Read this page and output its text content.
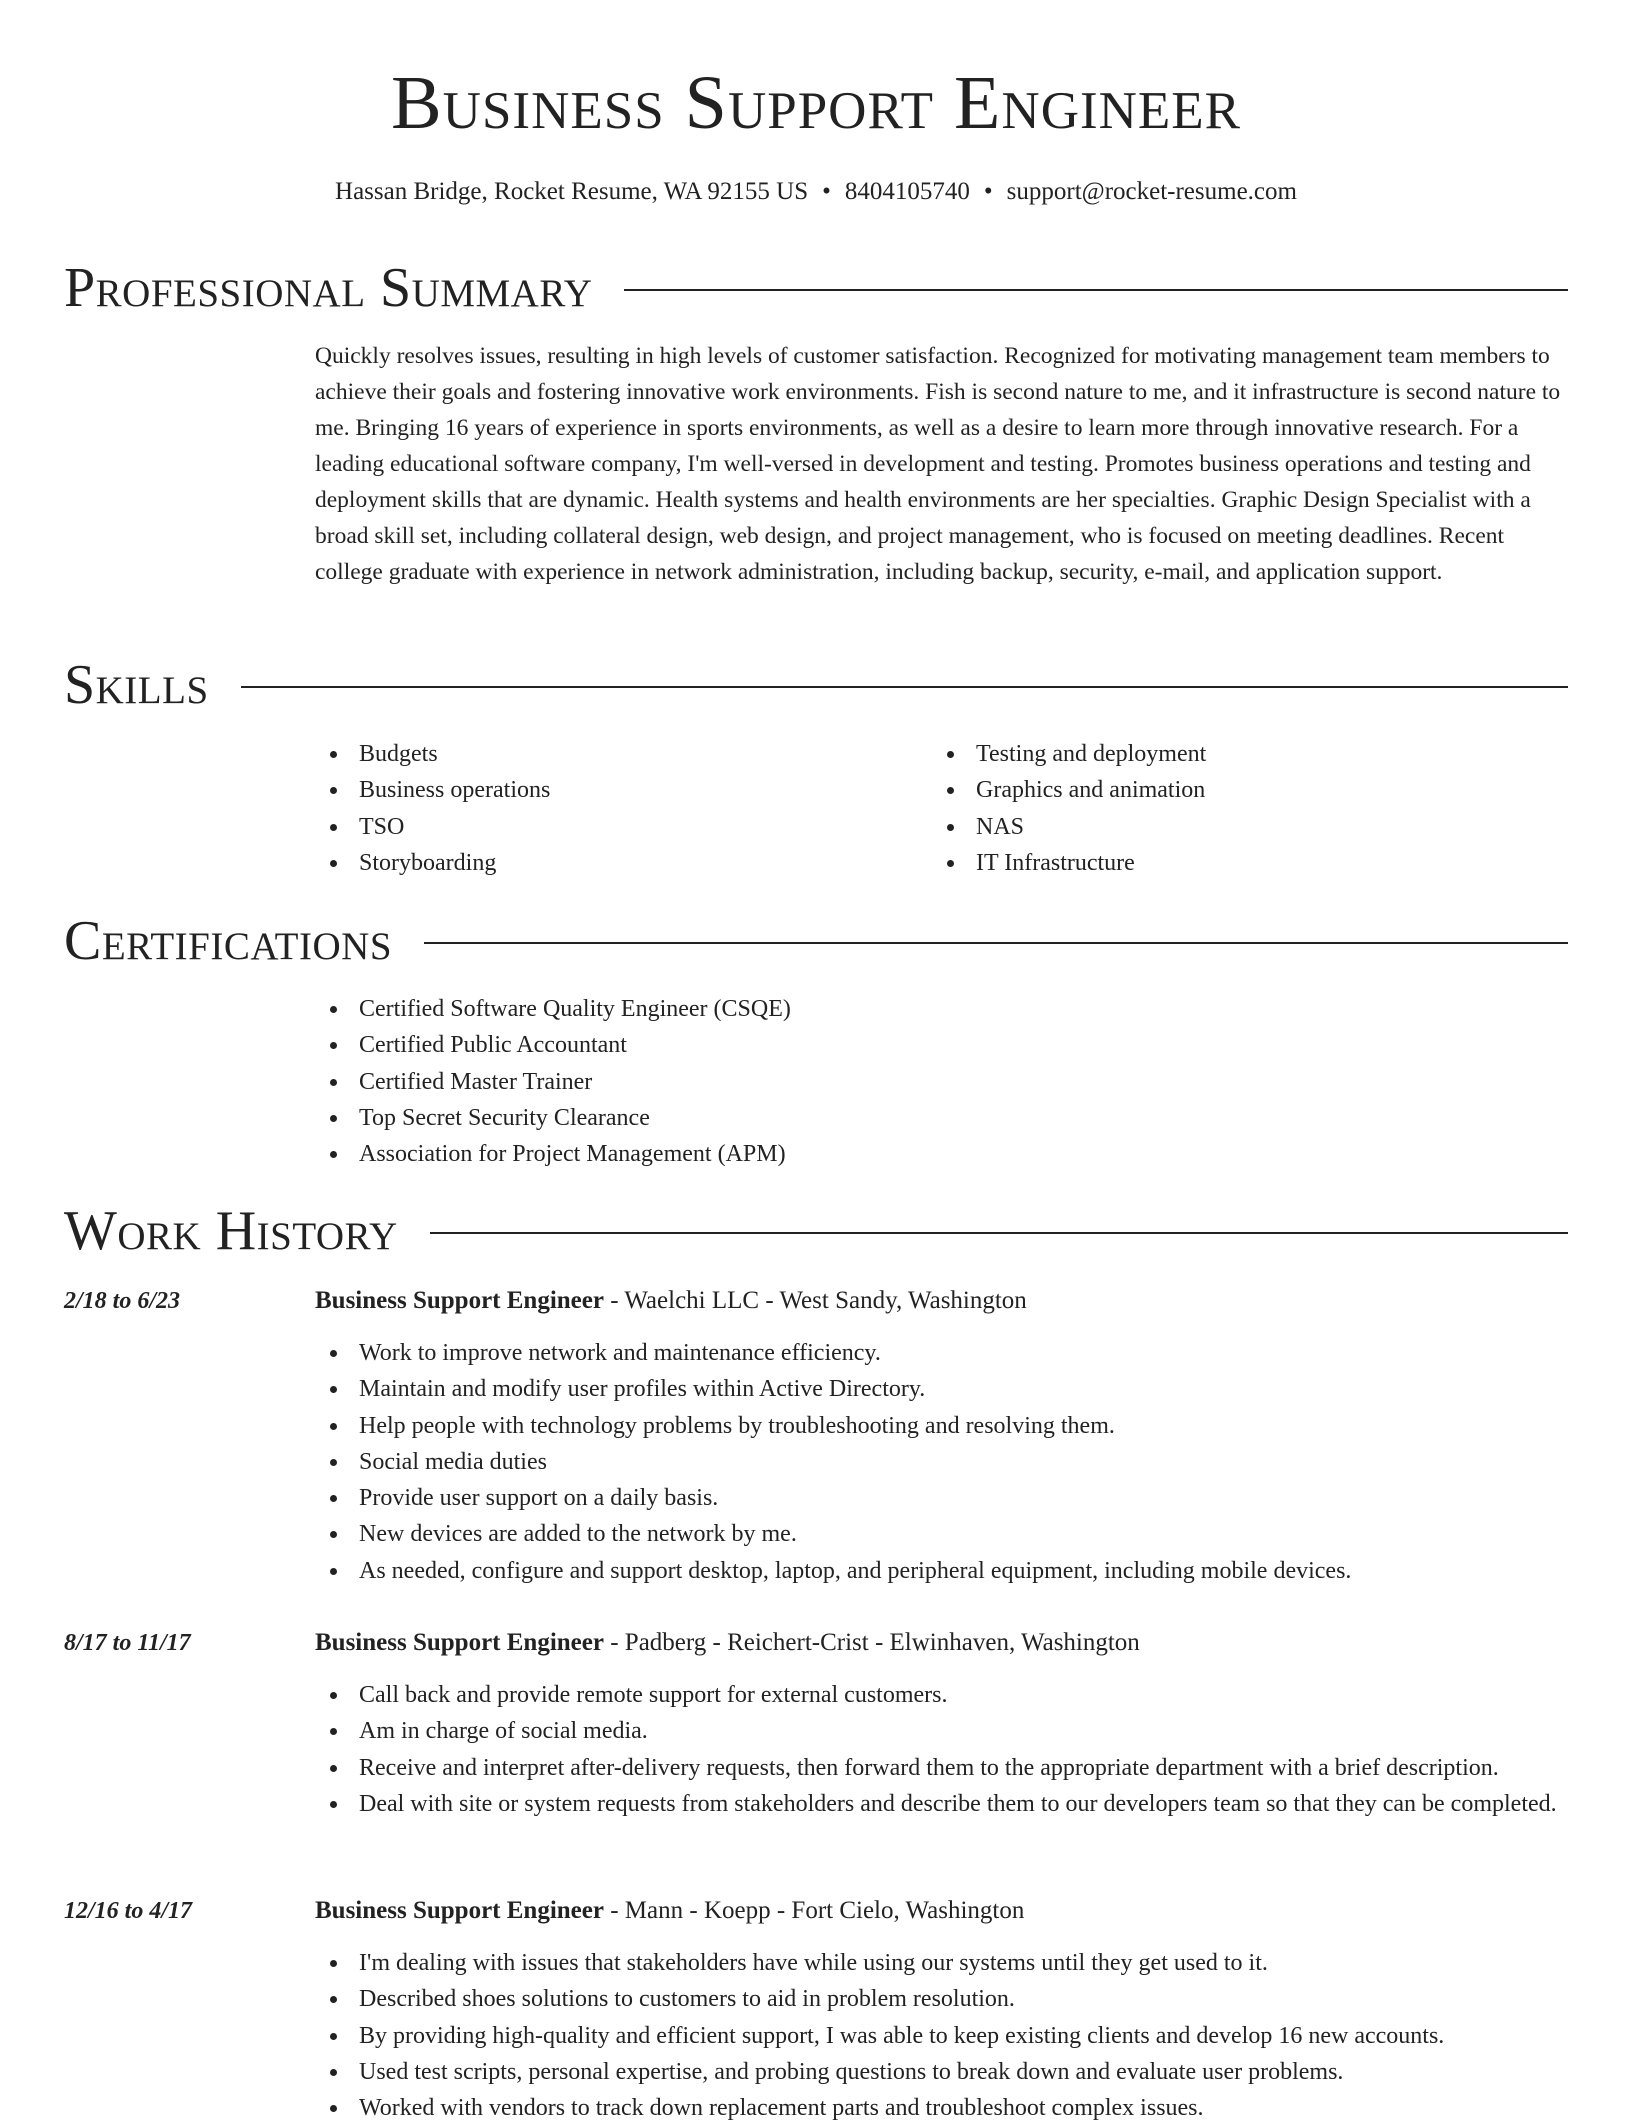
Business Support Engineer
Hassan Bridge, Rocket Resume, WA 92155 US • 8404105740 • support@rocket-resume.com
Professional Summary

Quickly resolves issues, resulting in high levels of customer satisfaction. Recognized for motivating management team members to achieve their goals and fostering innovative work environments. Fish is second nature to me, and it infrastructure is second nature to me. Bringing 16 years of experience in sports environments, as well as a desire to learn more through innovative research. For a leading educational software company, I'm well-versed in development and testing. Promotes business operations and testing and deployment skills that are dynamic. Health systems and health environments are her specialties. Graphic Design Specialist with a broad skill set, including collateral design, web design, and project management, who is focused on meeting deadlines. Recent college graduate with experience in network administration, including backup, security, e-mail, and application support.

Skills
Budgets
Business operations
TSO
Storyboarding
Testing and deployment
Graphics and animation
NAS
IT Infrastructure
Certifications
Certified Software Quality Engineer (CSQE)
Certified Public Accountant
Certified Master Trainer
Top Secret Security Clearance
Association for Project Management (APM)
Work History
2/18 to 6/23	Business Support Engineer - Waelchi LLC - West Sandy, Washington
Work to improve network and maintenance efficiency.
Maintain and modify user profiles within Active Directory.
Help people with technology problems by troubleshooting and resolving them.
Social media duties
Provide user support on a daily basis.
New devices are added to the network by me.
As needed, configure and support desktop, laptop, and peripheral equipment, including mobile devices.
8/17 to 11/17	Business Support Engineer - Padberg - Reichert-Crist - Elwinhaven, Washington
Call back and provide remote support for external customers.
Am in charge of social media.
Receive and interpret after-delivery requests, then forward them to the appropriate department with a brief description.
Deal with site or system requests from stakeholders and describe them to our developers team so that they can be completed.
12/16 to 4/17	Business Support Engineer - Mann - Koepp - Fort Cielo, Washington
I'm dealing with issues that stakeholders have while using our systems until they get used to it.
Described shoes solutions to customers to aid in problem resolution.
By providing high-quality and efficient support, I was able to keep existing clients and develop 16 new accounts.
Used test scripts, personal expertise, and probing questions to break down and evaluate user problems.
Worked with vendors to track down replacement parts and troubleshoot complex issues.
